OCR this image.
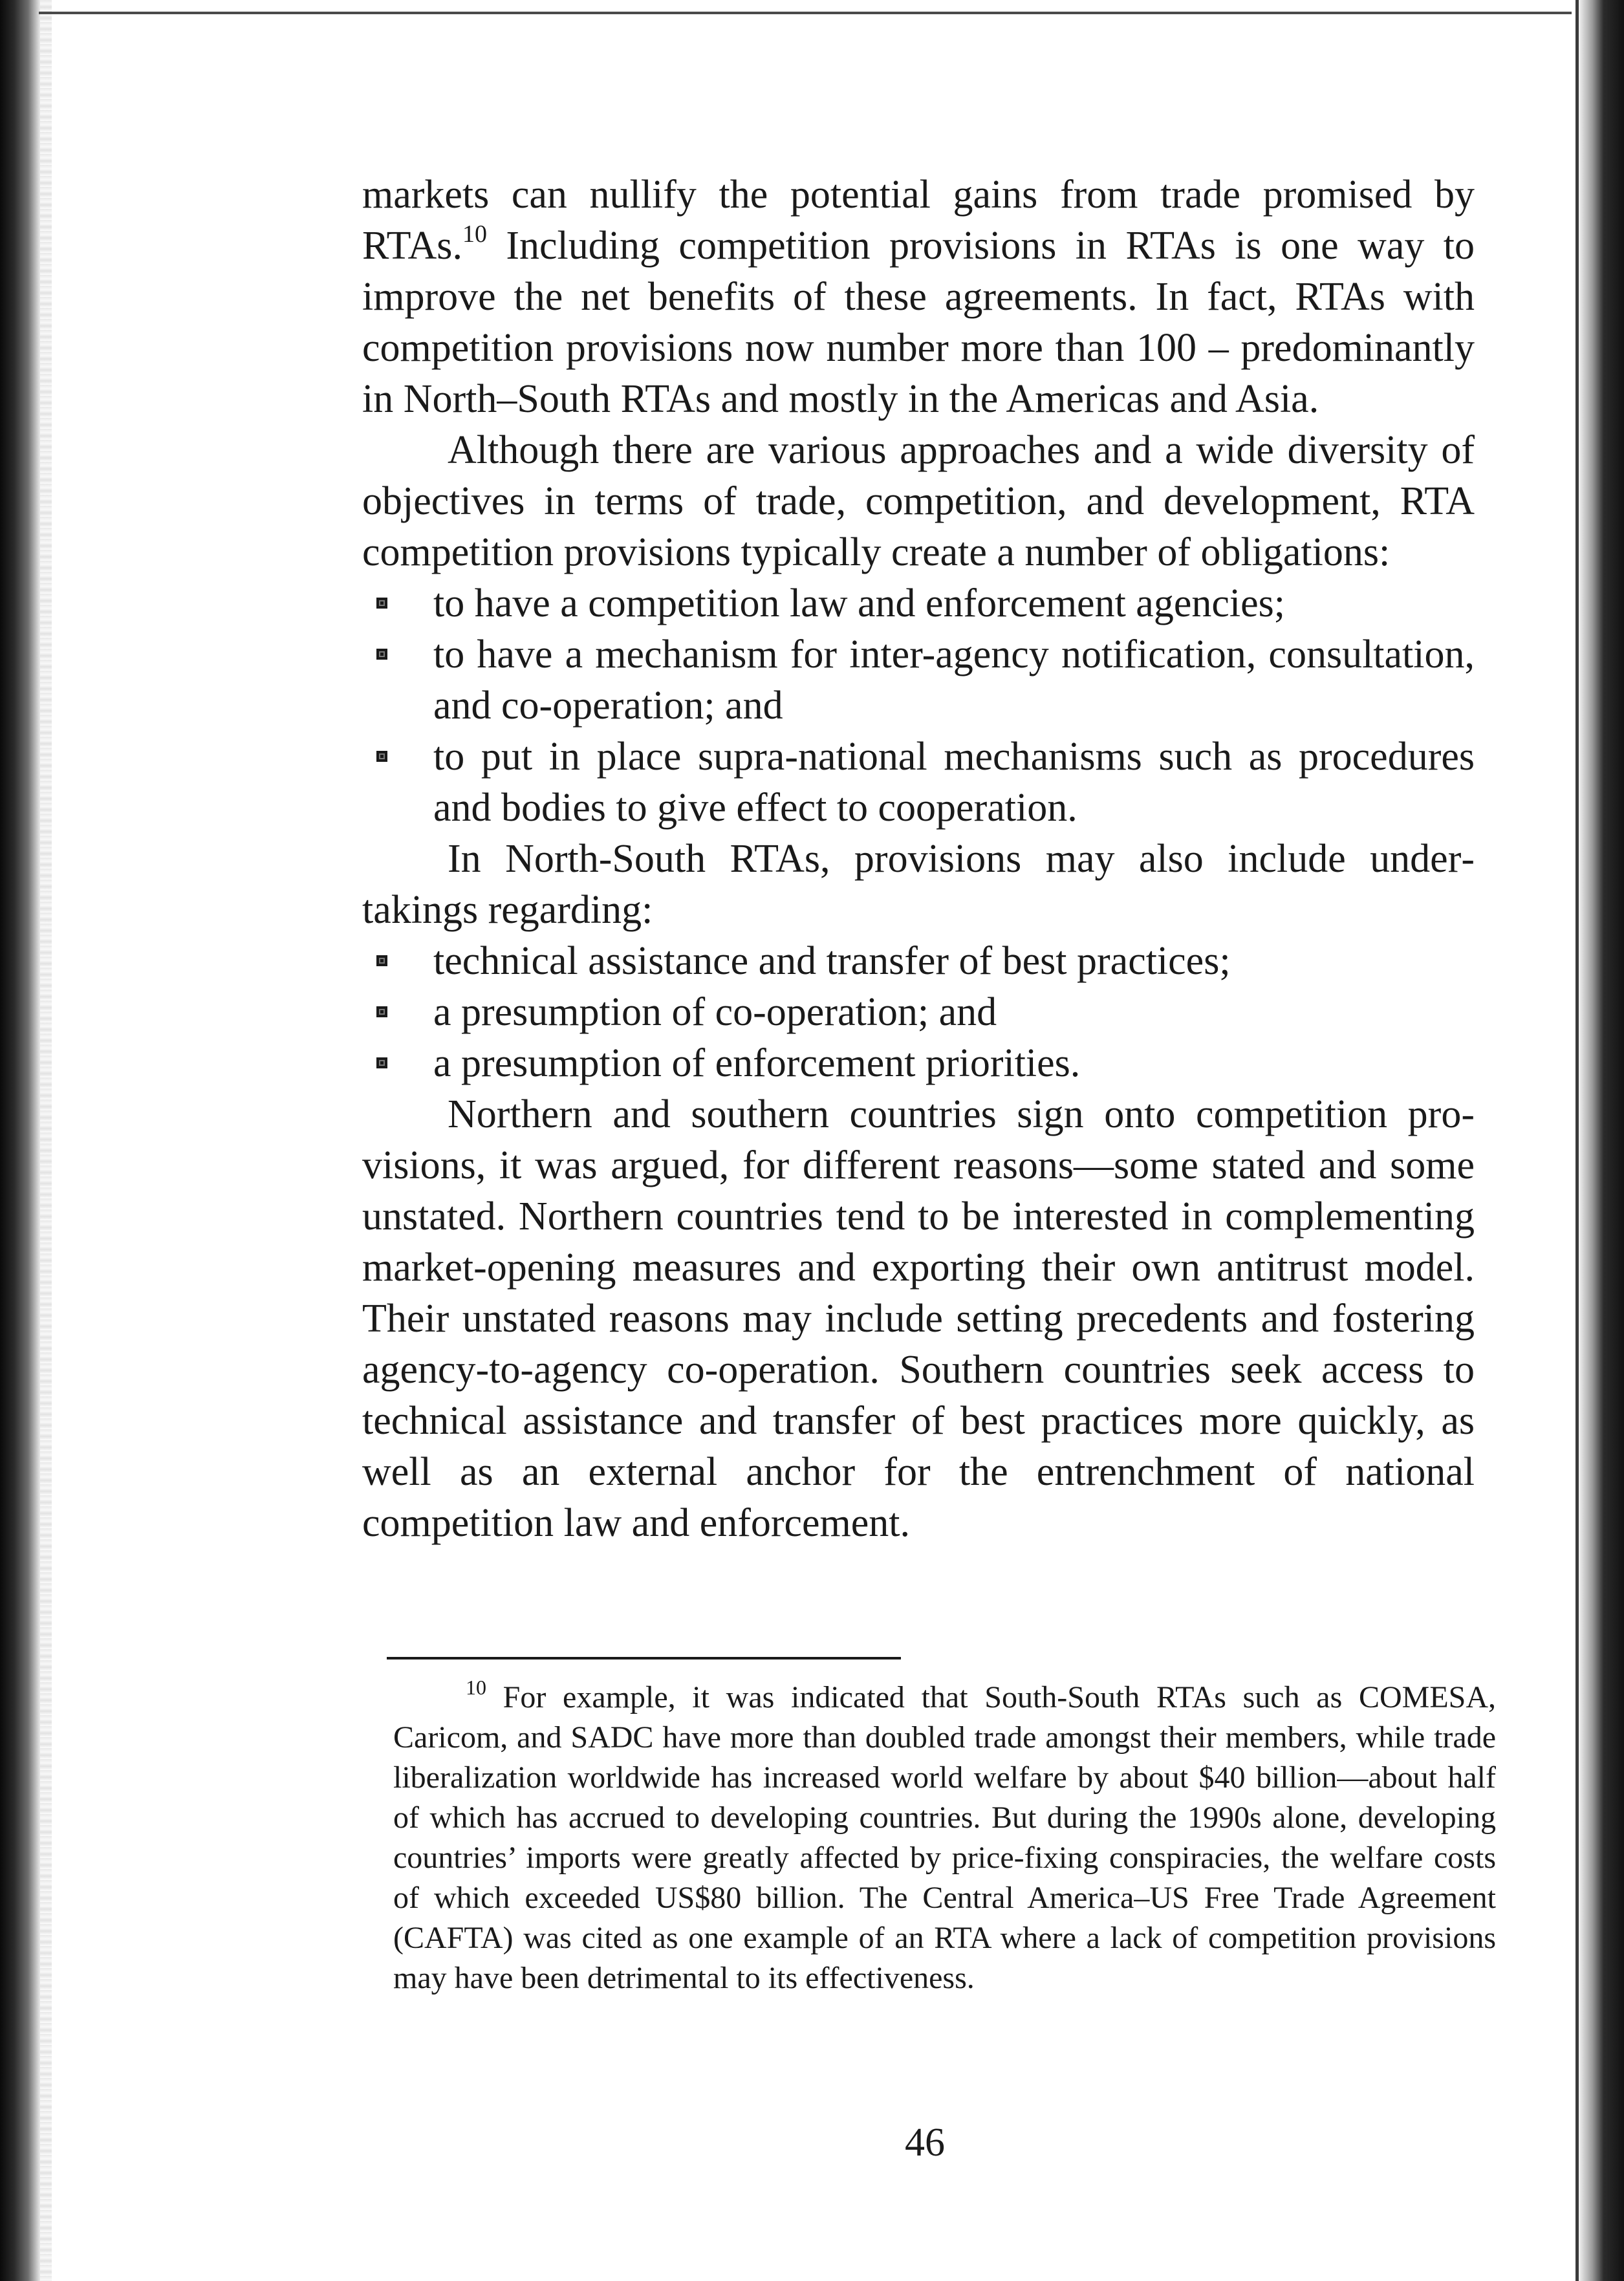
markets can nullify the potential gains from trade promised by RTAs.$^{10}$ Including competition provisions in RTAs is one way to improve the net benefits of these agreements. In fact, RTAs with competition provisions now number more than 100 – predominantly in North–South RTAs and mostly in the Americas and Asia.

Although there are various approaches and a wide diversity of objectives in terms of trade, competition, and development, RTA competition provisions typically create a number of obligations:

to have a competition law and enforcement agencies;
to have a mechanism for inter-agency notification, consultation, and co-operation; and
to put in place supra-national mechanisms such as procedures and bodies to give effect to cooperation.

In North-South RTAs, provisions may also include undertakings regarding:

technical assistance and transfer of best practices;
a presumption of co-operation; and
a presumption of enforcement priorities.

Northern and southern countries sign onto competition provisions, it was argued, for different reasons—some stated and some unstated. Northern countries tend to be interested in complementing market-opening measures and exporting their own antitrust model. Their unstated reasons may include setting precedents and fostering agency-to-agency co-operation. Southern countries seek access to technical assistance and transfer of best practices more quickly, as well as an external anchor for the entrenchment of national competition law and enforcement.

$^{10}$ For example, it was indicated that South-South RTAs such as COMESA, Caricom, and SADC have more than doubled trade amongst their members, while trade liberalization worldwide has increased world welfare by about $40 billion—about half of which has accrued to developing countries. But during the 1990s alone, developing countries’ imports were greatly affected by price-fixing conspiracies, the welfare costs of which exceeded US$80 billion. The Central America–US Free Trade Agreement (CAFTA) was cited as one example of an RTA where a lack of competition provisions may have been detrimental to its effectiveness.

46
